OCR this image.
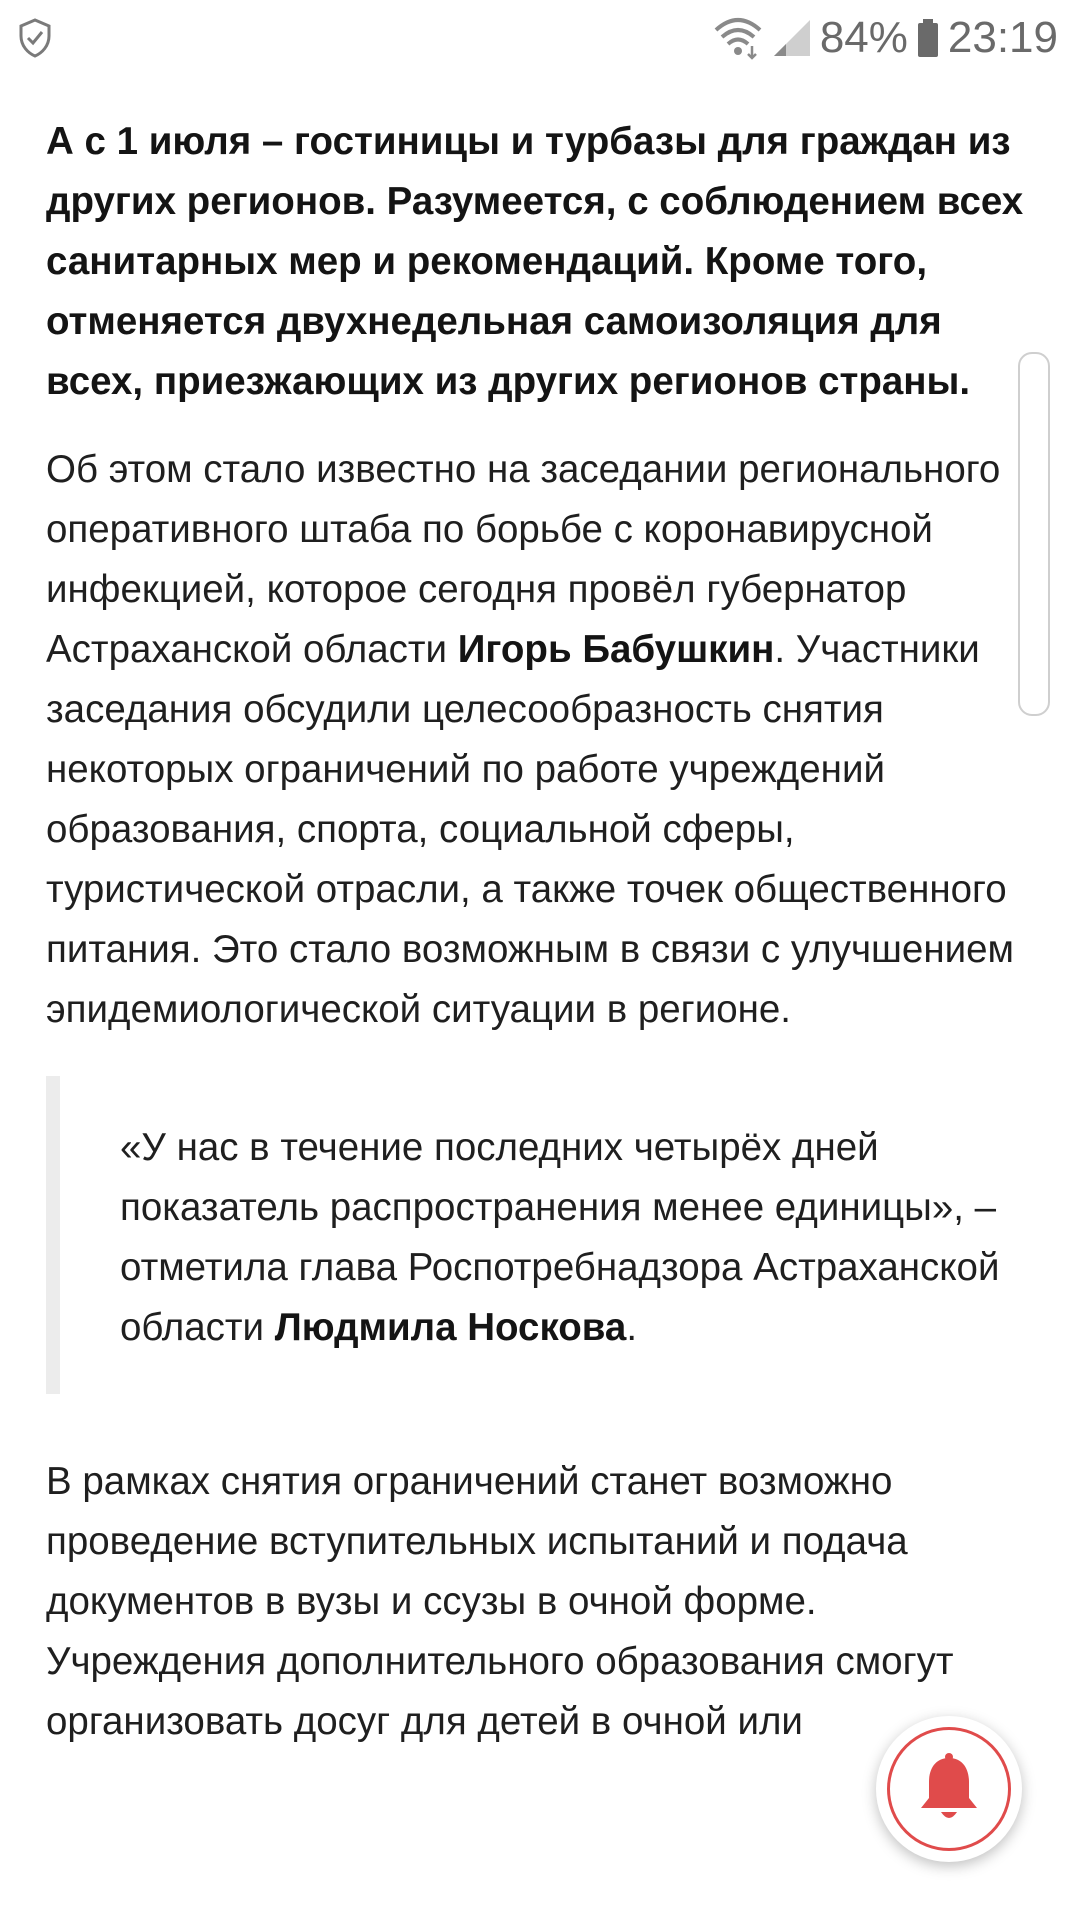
84% 23:19

А с 1 июля – гостиницы и турбазы для граждан из других регионов. Разумеется, с соблюдением всех санитарных мер и рекомендаций. Кроме того, отменяется двухнедельная самоизоляция для всех, приезжающих из других регионов страны.

Об этом стало известно на заседании регионального оперативного штаба по борьбе с коронавирусной инфекцией, которое сегодня провёл губернатор Астраханской области Игорь Бабушкин. Участники заседания обсудили целесообразность снятия некоторых ограничений по работе учреждений образования, спорта, социальной сферы, туристической отрасли, а также точек общественного питания. Это стало возможным в связи с улучшением эпидемиологической ситуации в регионе.

«У нас в течение последних четырёх дней показатель распространения менее единицы», – отметила глава Роспотребнадзора Астраханской области Людмила Носкова.

В рамках снятия ограничений станет возможно проведение вступительных испытаний и подача документов в вузы и ссузы в очной форме. Учреждения дополнительного образования смогут организовать досуг для детей в очной или
